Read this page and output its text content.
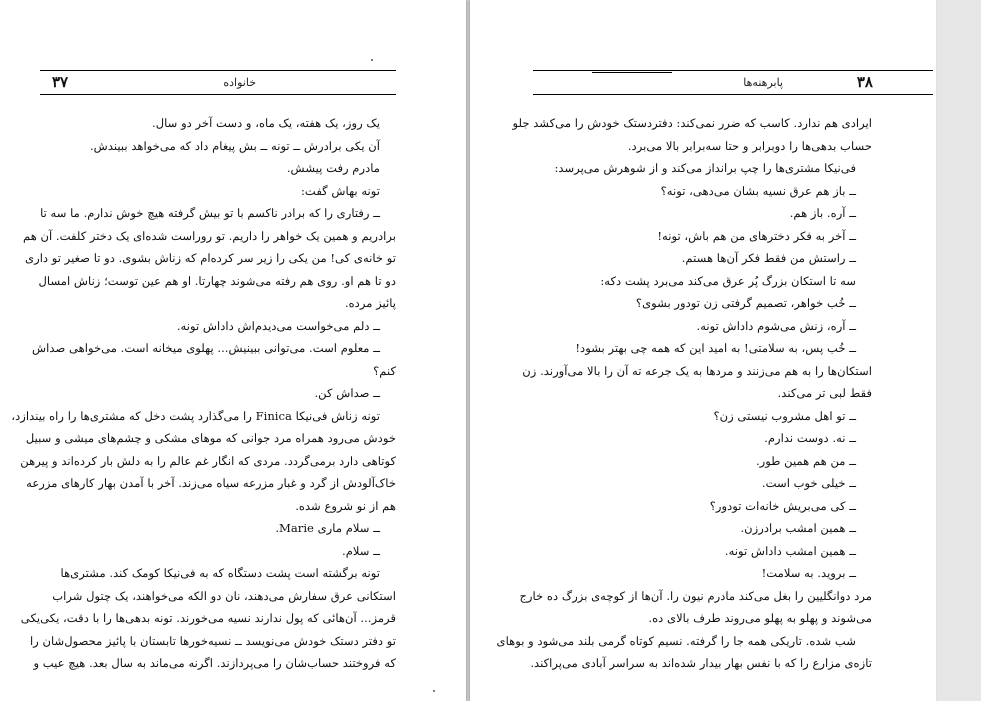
۳۷	خانواده
یک روز، یک هفته، یک ماه، و دست آخر دو سال.
آن یکی برادرش ــ تونه ــ بش پیغام داد که می‌خواهد ببیندش.
مادرم رفت پیشش.
تونه بهاش گفت:
ــ رفتاری را که برادر ناکسم با تو بیش گرفته هیچ خوش ندارم. ما سه تا
برادریم و همین یک خواهر را داریم. تو روراست شده‌ای یک دختر کلفت. آن هم
تو خانه‌ی کی! من یکی را زیر سر کرده‌ام که زناش بشوی. دو تا صغیر تو داری
دو تا هم او. روی هم رفته می‌شوند چهارتا. او هم عین توست؛ زناش امسال
پائیز مرده.
ــ دلم می‌خواست می‌دیدم‌اش داداش تونه.
ــ معلوم است. می‌توانی ببینیش... پهلوی میخانه است. می‌خواهی صداش
کنم؟
ــ صداش کن.
تونه زناش فی‌نیکا Finica را می‌گذارد پشت دخل که مشتری‌ها را راه بیندازد،
خودش می‌رود همراه مرد جوانی که موهای مشکی و چشم‌های میشی و سبیل
کوتاهی دارد برمی‌گردد. مردی که انگار غم عالم را به دلش بار کرده‌اند و پیرهن
خاک‌آلودش از گرد و غبار مزرعه سیاه می‌زند. آخر با آمدن بهار کارهای مزرعه
هم از نو شروع شده.
ــ سلام ماری Marie.
ــ سلام.
تونه برگشته است پشت دستگاه که به فی‌نیکا کومک کند. مشتری‌ها
استکانی عرق سفارش می‌دهند، نان دو الکه می‌خواهند، یک چتول شراب
قرمز... آن‌هائی که پول ندارند نسیه می‌خورند. تونه بدهی‌ها را با دقت، یکی‌یکی
تو دفتر دستک خودش می‌نویسد ــ نسیه‌خورها تابستان با پائیز محصول‌شان را
که فروختند حساب‌شان را می‌پردازند. اگرنه می‌ماند به سال بعد. هیچ عیب و
۳۸
پابرهنه‌ها
ایرادی هم ندارد. کاسب که ضرر نمی‌کند: دفتردستک خودش را می‌کشد جلو
حساب بدهی‌ها را دوبرابر و حتا سه‌برابر بالا می‌برد.
فی‌نیکا مشتری‌ها را چپ برانداز می‌کند و از شوهرش می‌پرسد:
ــ باز هم عرق نسیه بشان می‌دهی، تونه؟
ــ آره. باز هم.
ــ آخر به فکر دخترهای من هم باش، تونه!
ــ راستش من فقط فکر آن‌ها هستم.
سه تا استکان بزرگ پُر عرق می‌کند می‌برد پشت دکه:
ــ خُب خواهر، تصمیم گرفتی زن تودور بشوی؟
ــ آره، زنش می‌شوم داداش تونه.
ــ خُب پس، به سلامتی! به امید این که همه چی بهتر بشود!
استکان‌ها را به هم می‌زنند و مردها به یک جرعه ته آن را بالا می‌آورند. زن
فقط لبی تر می‌کند.
ــ تو اهل مشروب نیستی زن؟
ــ نه. دوست ندارم.
ــ من هم همین طور.
ــ خیلی خوب است.
ــ کی می‌بریش خانه‌ات تودور؟
ــ همین امشب برادرزن.
ــ همین امشب داداش تونه.
ــ بروید. به سلامت!
مرد دوانگلیین را بغل می‌کند مادرم نیون را. آن‌ها از کوچه‌ی بزرگ ده خارج
می‌شوند و پهلو به پهلو می‌روند طرف بالای ده.
شب شده. تاریکی همه جا را گرفته. نسیم کوتاه گرمی بلند می‌شود و بوهای
تازه‌ی مزارع را که با نفس بهار بیدار شده‌اند به سراسر آبادی می‌پراکند.
